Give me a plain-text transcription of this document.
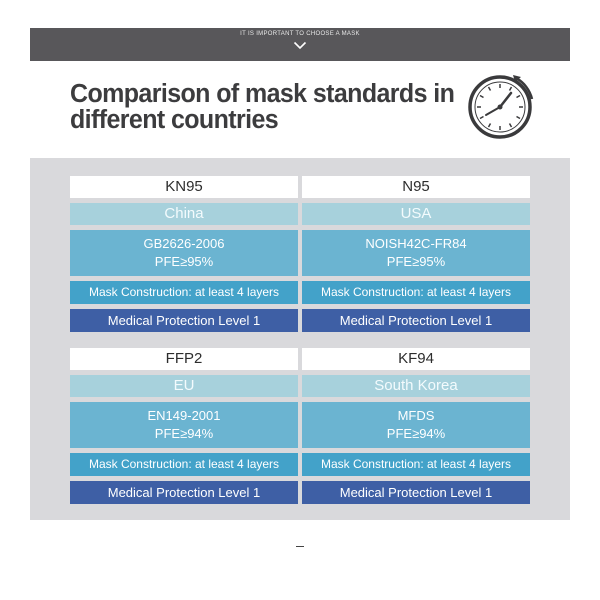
IT IS IMPORTANT TO CHOOSE A MASK
Comparison of mask standards in
different countries
KN95
China
GB2626-2006
PFE≥95%
Mask Construction: at least 4 layers
Medical Protection Level 1
N95
USA
NOISH42C-FR84
PFE≥95%
Mask Construction: at least 4 layers
Medical Protection Level 1
FFP2
EU
EN149-2001
PFE≥94%
Mask Construction: at least 4 layers
Medical Protection Level 1
KF94
South Korea
MFDS
PFE≥94%
Mask Construction: at least 4 layers
Medical Protection Level 1
